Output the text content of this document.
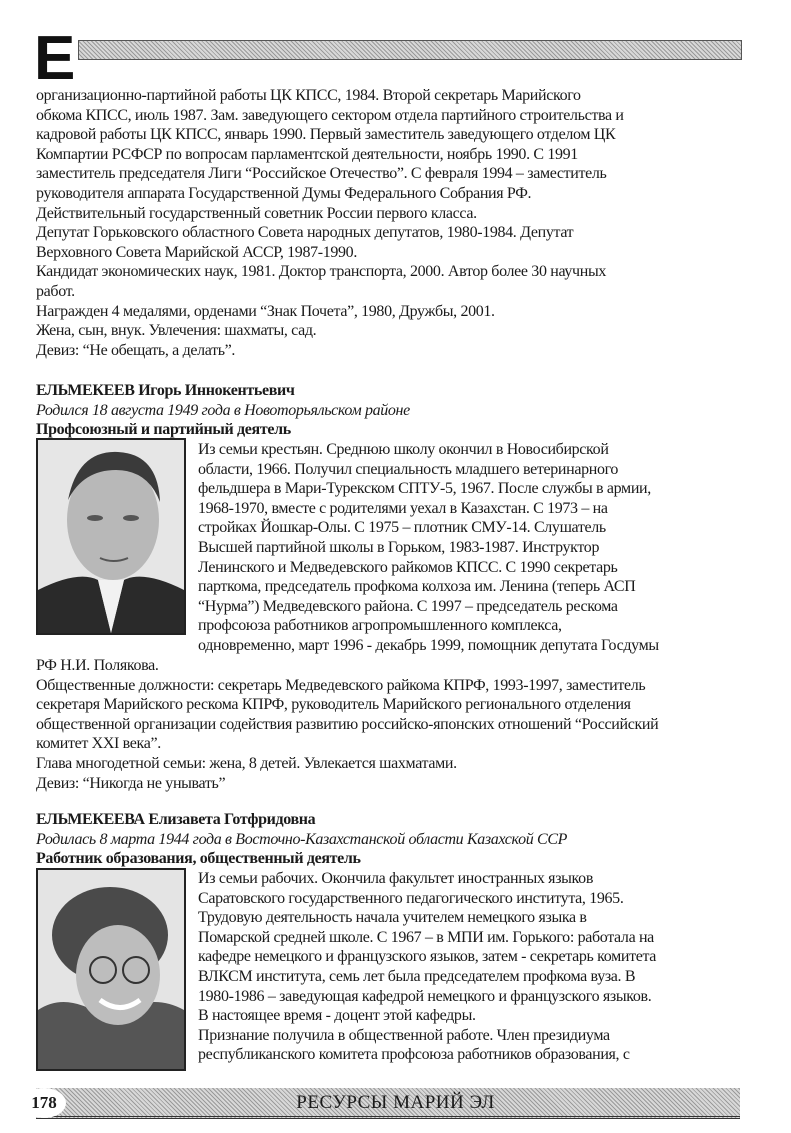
Е
организационно-партийной работы ЦК КПСС, 1984. Второй секретарь Марийского
обкома КПСС, июль 1987. Зам. заведующего сектором отдела партийного строительства и
кадровой работы ЦК КПСС, январь 1990. Первый заместитель заведующего отделом ЦК
Компартии РСФСР по вопросам парламентской деятельности, ноябрь 1990. С 1991
заместитель председателя Лиги “Российское Отечество”. С февраля 1994 – заместитель
руководителя аппарата Государственной Думы Федерального Собрания РФ.
Действительный государственный советник России первого класса.
Депутат Горьковского областного Совета народных депутатов, 1980-1984. Депутат
Верховного Совета Марийской АССР, 1987-1990.
Кандидат экономических наук, 1981. Доктор транспорта, 2000. Автор более 30 научных
работ.
Награжден 4 медалями, орденами “Знак Почета”, 1980, Дружбы, 2001.
Жена, сын, внук. Увлечения: шахматы, сад.
Девиз: “Не обещать, а делать”.
ЕЛЬМЕКЕЕВ Игорь Иннокентьевич
Родился 18 августа 1949 года в Новоторьяльском районе
Профсоюзный и партийный деятель
Из семьи крестьян. Среднюю школу окончил в Новосибирской
области, 1966. Получил специальность младшего ветеринарного
фельдшера в Мари-Турекском СПТУ-5, 1967. После службы в армии,
1968-1970, вместе с родителями уехал в Казахстан. С 1973 – на
стройках Йошкар-Олы. С 1975 – плотник СМУ-14. Слушатель
Высшей партийной школы в Горьком, 1983-1987. Инструктор
Ленинского и Медведевского райкомов КПСС. С 1990 секретарь
парткома, председатель профкома колхоза им. Ленина (теперь АСП
“Нурма”) Медведевского района. С 1997 – председатель рескома
профсоюза работников агропромышленного комплекса,
одновременно, март 1996 - декабрь 1999, помощник депутата Госдумы
РФ Н.И. Полякова.
Общественные должности: секретарь Медведевского райкома КПРФ, 1993-1997, заместитель
секретаря Марийского рескома КПРФ, руководитель Марийского регионального отделения
общественной организации содействия развитию российско-японских отношений “Российский
комитет XXI века”.
Глава многодетной семьи: жена, 8 детей. Увлекается шахматами.
Девиз: “Никогда не унывать”
ЕЛЬМЕКЕЕВА Елизавета Готфридовна
Родилась 8 марта 1944 года в Восточно-Казахстанской области Казахской ССР
Работник образования, общественный деятель
Из семьи рабочих. Окончила факультет иностранных языков
Саратовского государственного педагогического института, 1965.
Трудовую деятельность начала учителем немецкого языка в
Помарской средней школе. С 1967 – в МПИ им. Горького: работала на
кафедре немецкого и французского языков, затем - секретарь комитета
ВЛКСМ института, семь лет была председателем профкома вуза. В
1980-1986 – заведующая кафедрой немецкого и французского языков.
В настоящее время - доцент этой кафедры.
Признание получила в общественной работе. Член президиума
республиканского комитета профсоюза работников образования, с
178	РЕСУРСЫ МАРИЙ ЭЛ
